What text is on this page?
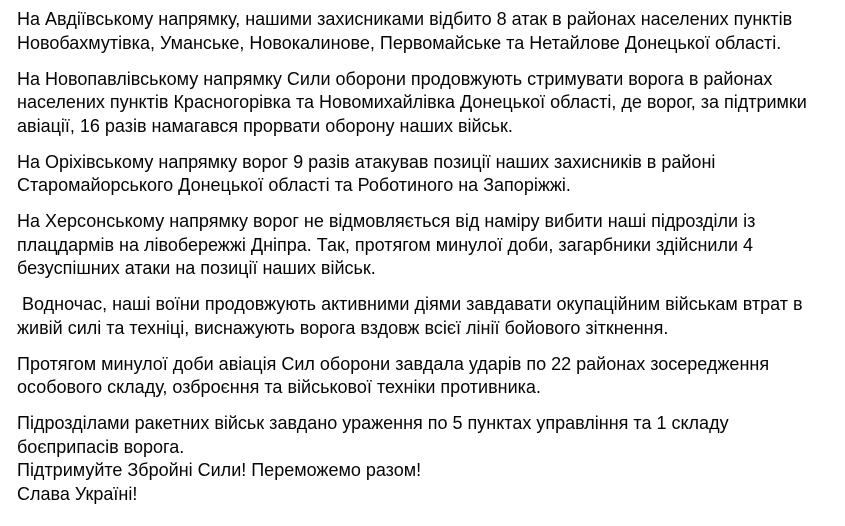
На Авдіївському напрямку, нашими захисниками відбито 8 атак в районах населених пунктів Новобахмутівка, Уманське, Новокалинове, Первомайське та Нетайлове Донецької області.

На Новопавлівському напрямку Сили оборони продовжують стримувати ворога в районах населених пунктів Красногорівка та Новомихайлівка Донецької області, де ворог, за підтримки авіації, 16 разів намагався прорвати оборону наших військ.

На Оріхівському напрямку ворог 9 разів атакував позиції наших захисників в районі Старомайорського Донецької області та Роботиного на Запоріжжі.

На Херсонському напрямку ворог не відмовляється від наміру вибити наші підрозділи із плацдармів на лівобережжі Дніпра. Так, протягом минулої доби, загарбники здійснили 4 безуспішних атаки на позиції наших військ.

Водночас, наші воїни продовжують активними діями завдавати окупаційним військам втрат в живій силі та техніці, виснажують ворога вздовж всієї лінії бойового зіткнення.

Протягом минулої доби авіація Сил оборони завдала ударів по 22 районах зосередження особового складу, озброєння та військової техніки противника.

Підрозділами ракетних військ завдано ураження по 5 пунктах управління та 1 складу боєприпасів ворога.

Підтримуйте Збройні Сили! Переможемо разом!

Слава Україні!
